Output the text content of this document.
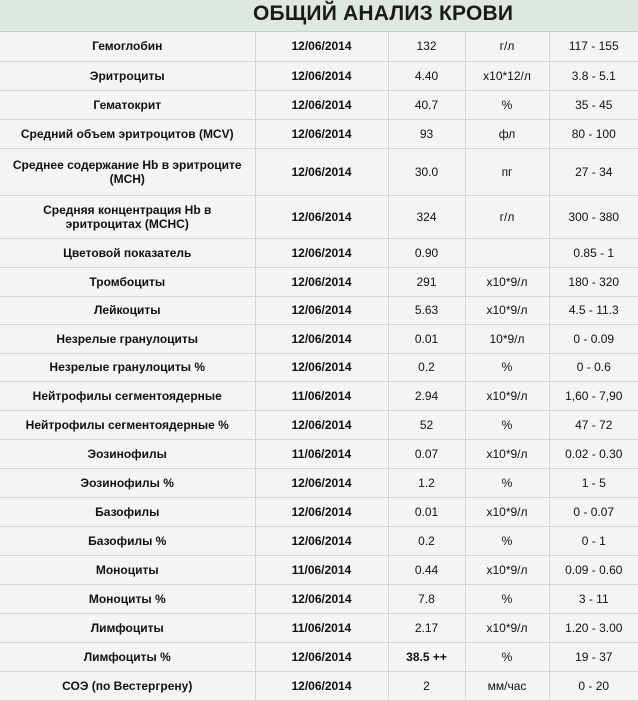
ОБЩИЙ АНАЛИЗ КРОВИ
Гемоглобин	12/06/2014	132	г/л	117 - 155
Эритроциты	12/06/2014	4.40	x10*12/л	3.8 - 5.1
Гематокрит	12/06/2014	40.7	%	35 - 45
Средний объем эритроцитов (MCV)	12/06/2014	93	фл	80 - 100
Среднее содержание Hb в эритроците (MCH)	12/06/2014	30.0	пг	27 - 34
Средняя концентрация Hb в эритроцитах (MCHC)	12/06/2014	324	г/л	300 - 380
Цветовой показатель	12/06/2014	0.90		0.85 - 1
Тромбоциты	12/06/2014	291	x10*9/л	180 - 320
Лейкоциты	12/06/2014	5.63	x10*9/л	4.5 - 11.3
Незрелые гранулоциты	12/06/2014	0.01	10*9/л	0 - 0.09
Незрелые гранулоциты %	12/06/2014	0.2	%	0 - 0.6
Нейтрофилы сегментоядерные	11/06/2014	2.94	x10*9/л	1,60 - 7,90
Нейтрофилы сегментоядерные %	12/06/2014	52	%	47 - 72
Эозинофилы	11/06/2014	0.07	x10*9/л	0.02 - 0.30
Эозинофилы %	12/06/2014	1.2	%	1 - 5
Базофилы	12/06/2014	0.01	x10*9/л	0 - 0.07
Базофилы %	12/06/2014	0.2	%	0 - 1
Моноциты	11/06/2014	0.44	x10*9/л	0.09 - 0.60
Моноциты %	12/06/2014	7.8	%	3 - 11
Лимфоциты	11/06/2014	2.17	x10*9/л	1.20 - 3.00
Лимфоциты %	12/06/2014	38.5 ++	%	19 - 37
СОЭ (по Вестергрену)	12/06/2014	2	мм/час	0 - 20
